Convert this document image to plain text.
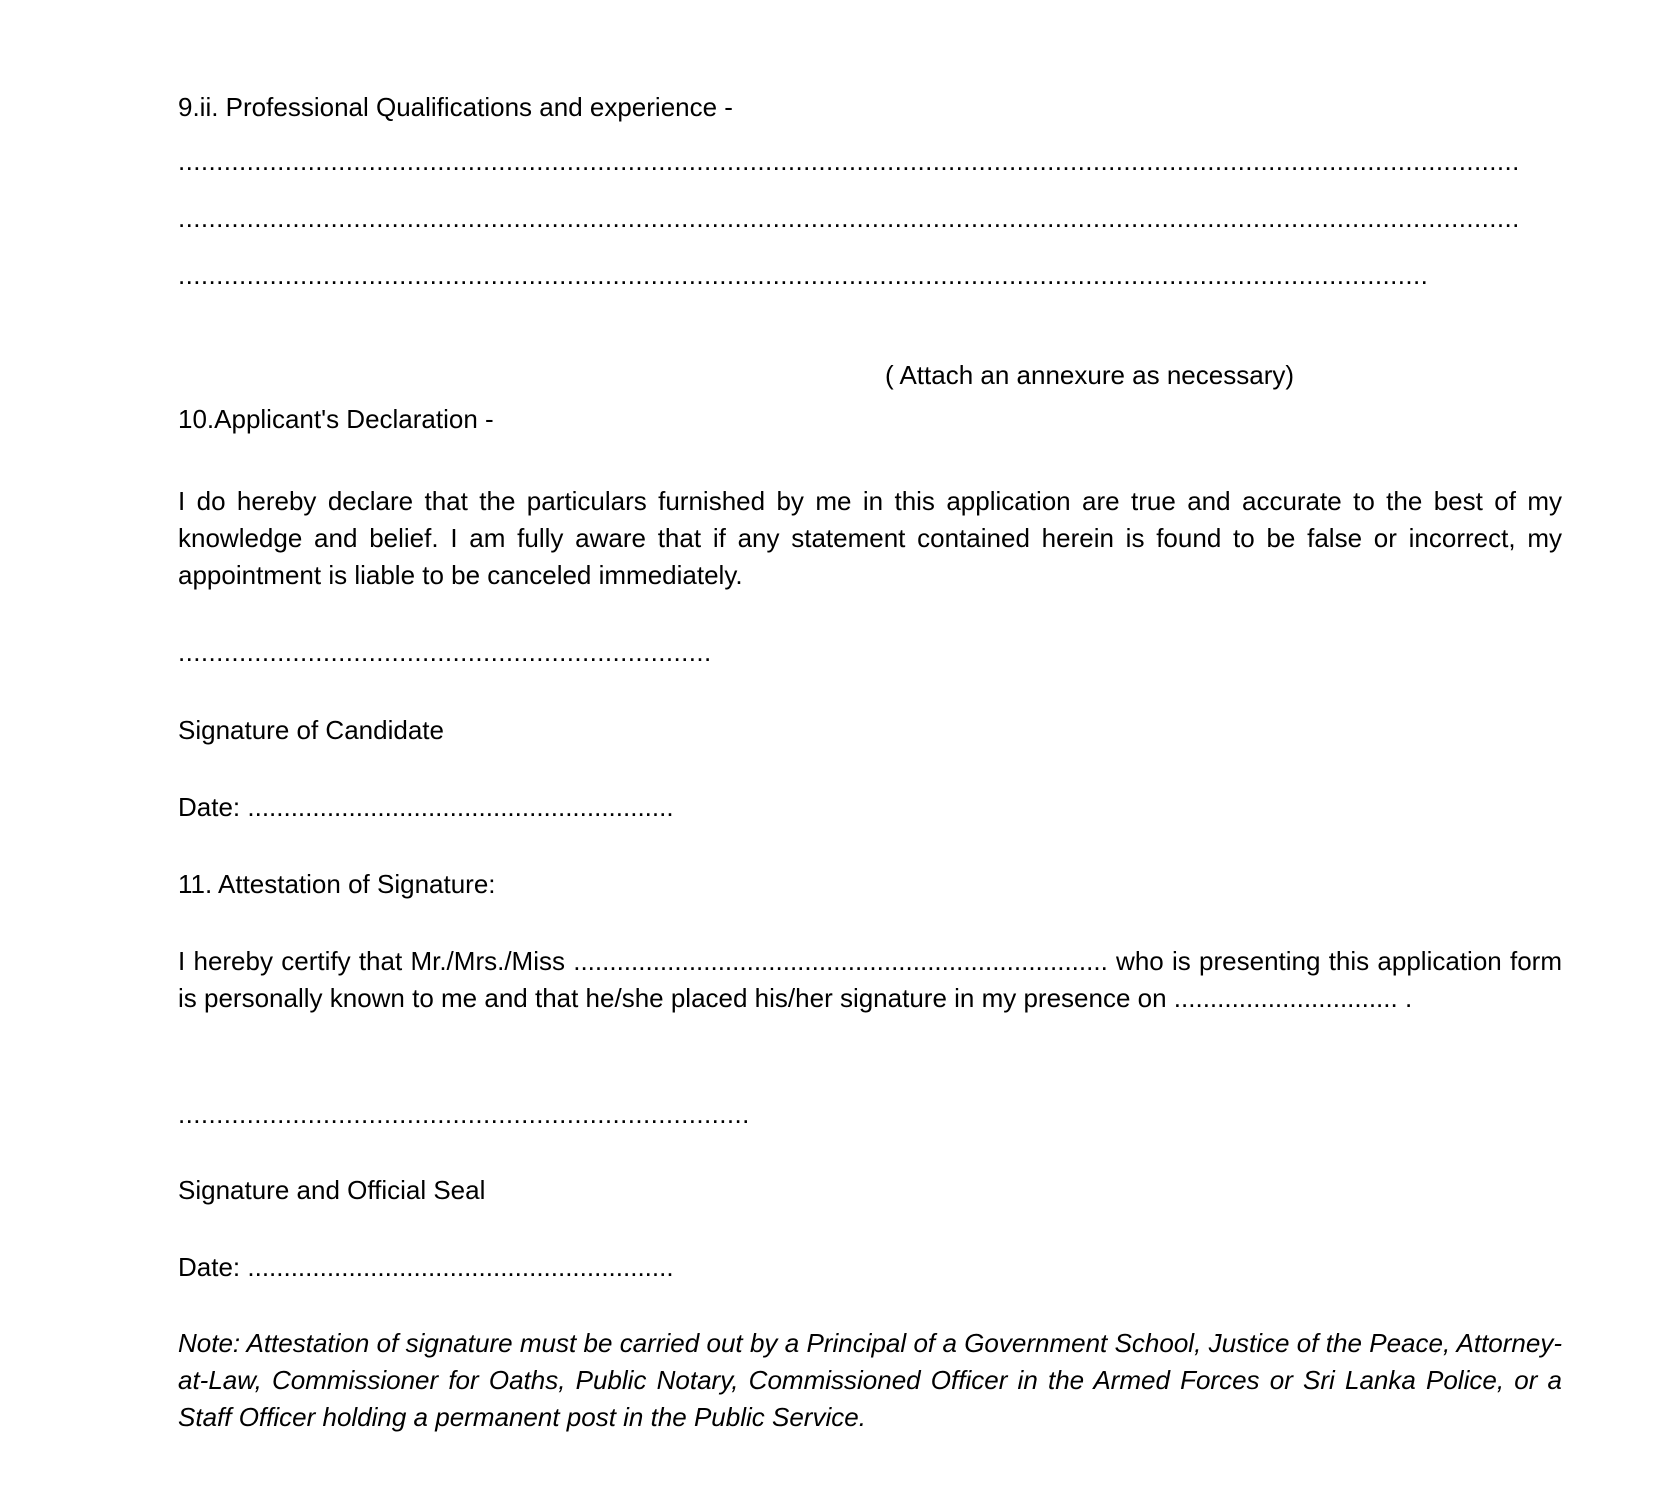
9.ii. Professional Qualifications and experience -
................................................................................................................................................................................
................................................................................................................................................................................
....................................................................................................................................................................
( Attach an annexure as necessary)
10.Applicant's Declaration -
I do hereby declare that the particulars furnished by me in this application are true and accurate to the best of my knowledge and belief. I am fully aware that if any statement contained herein is found to be false or incorrect, my appointment is liable to be canceled immediately.
......................................................................
Signature of Candidate
Date: ...........................................................
11. Attestation of Signature:
I hereby certify that Mr./Mrs./Miss .......................................................................... who is presenting this application form is personally known to me and that he/she placed his/her signature in my presence on ............................... .
...........................................................................
Signature and Official Seal
Date: ...........................................................
Note: Attestation of signature must be carried out by a Principal of a Government School, Justice of the Peace, Attorney-at-Law, Commissioner for Oaths, Public Notary, Commissioned Officer in the Armed Forces or Sri Lanka Police, or a Staff Officer holding a permanent post in the Public Service.
